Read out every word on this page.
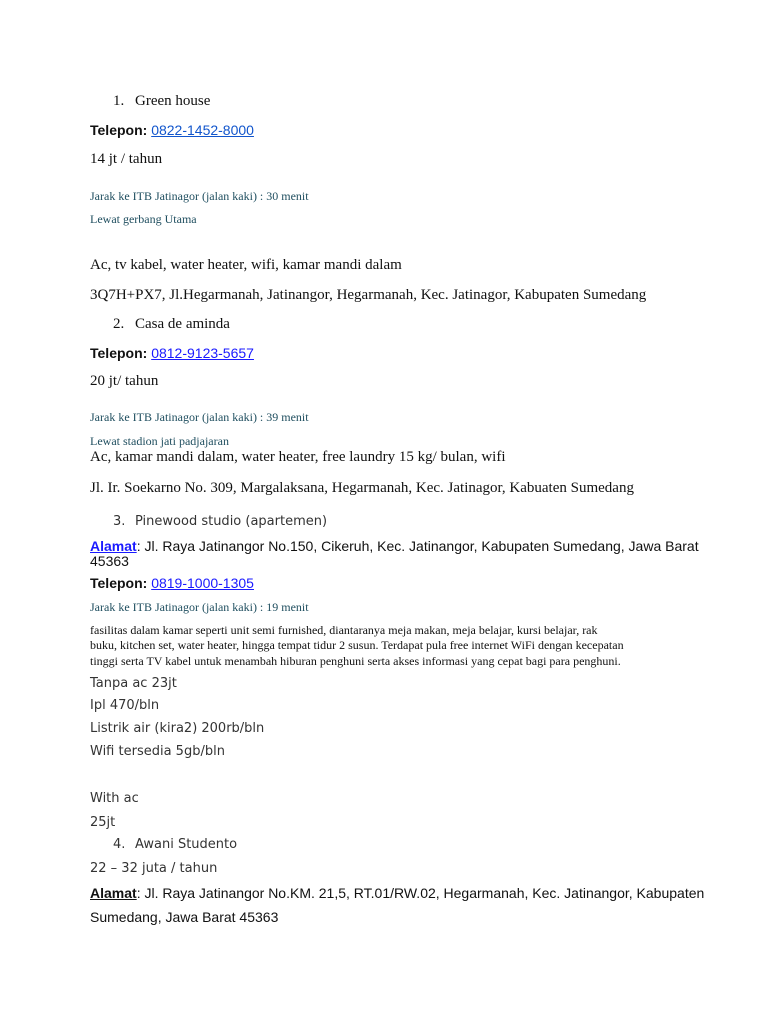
1. Green house
Telepon: 0822-1452-8000
14 jt / tahun
Jarak ke ITB Jatinagor (jalan kaki) : 30 menit
Lewat gerbang Utama
Ac, tv kabel, water heater, wifi, kamar mandi dalam
3Q7H+PX7, Jl.Hegarmanah, Jatinangor, Hegarmanah, Kec. Jatinagor, Kabupaten Sumedang
2. Casa de aminda
Telepon: 0812-9123-5657
20 jt/ tahun
Jarak ke ITB Jatinagor (jalan kaki) : 39 menit
Lewat stadion jati padjajaran
Ac, kamar mandi dalam, water heater, free laundry 15 kg/ bulan, wifi
Jl. Ir. Soekarno No. 309, Margalaksana, Hegarmanah, Kec. Jatinagor, Kabuaten Sumedang
3. Pinewood studio (apartemen)
Alamat: Jl. Raya Jatinangor No.150, Cikeruh, Kec. Jatinangor, Kabupaten Sumedang, Jawa Barat
45363
Telepon: 0819-1000-1305
Jarak ke ITB Jatinagor (jalan kaki) : 19 menit
fasilitas dalam kamar seperti unit semi furnished, diantaranya meja makan, meja belajar, kursi belajar, rak
buku, kitchen set, water heater, hingga tempat tidur 2 susun. Terdapat pula free internet WiFi dengan kecepatan
tinggi serta TV kabel untuk menambah hiburan penghuni serta akses informasi yang cepat bagi para penghuni.
Tanpa ac 23jt
Ipl 470/bln
Listrik air (kira2) 200rb/bln
Wifi tersedia 5gb/bln
With ac
25jt
4. Awani Studento
22 – 32 juta / tahun
Alamat: Jl. Raya Jatinangor No.KM. 21,5, RT.01/RW.02, Hegarmanah, Kec. Jatinangor, Kabupaten
Sumedang, Jawa Barat 45363
